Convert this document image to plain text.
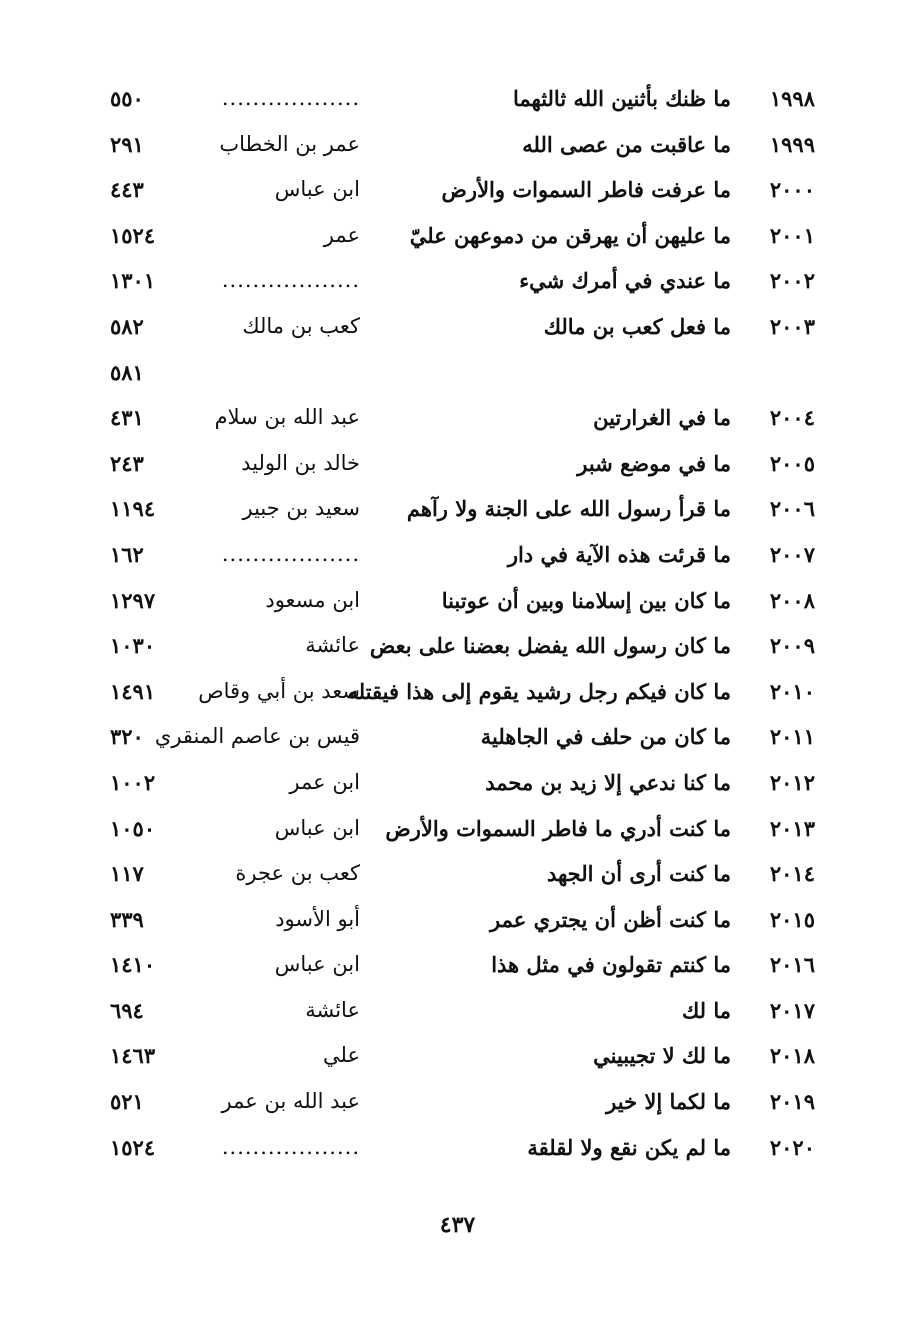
١٩٩٨
ما ظنك بأثنين الله ثالثهما
..................
٥٥٠
١٩٩٩
ما عاقبت من عصى الله
عمر بن الخطاب
٢٩١
٢٠٠٠
ما عرفت فاطر السموات والأرض
ابن عباس
٤٤٣
٢٠٠١
ما عليهن أن يهرقن من دموعهن عليّ
عمر
١٥٢٤
٢٠٠٢
ما عندي في أمرك شيء
..................
١٣٠١
٢٠٠٣
ما فعل كعب بن مالك
كعب بن مالك
٥٨٢
٥٨١
٢٠٠٤
ما في الغرارتين
عبد الله بن سلام
٤٣١
٢٠٠٥
ما في موضع شبر
خالد بن الوليد
٢٤٣
٢٠٠٦
ما قرأ رسول الله على الجنة ولا رآهم
سعيد بن جبير
١١٩٤
٢٠٠٧
ما قرئت هذه الآية في دار
..................
١٦٢
٢٠٠٨
ما كان بين إسلامنا وبين أن عوتبنا
ابن مسعود
١٢٩٧
٢٠٠٩
ما كان رسول الله يفضل بعضنا على بعض
عائشة
١٠٣٠
٢٠١٠
ما كان فيكم رجل رشيد يقوم إلى هذا فيقتله
سعد بن أبي وقاص
١٤٩١
٢٠١١
ما كان من حلف في الجاهلية
قيس بن عاصم المنقري
٣٢٠
٢٠١٢
ما كنا ندعي إلا زيد بن محمد
ابن عمر
١٠٠٢
٢٠١٣
ما كنت أدري ما فاطر السموات والأرض
ابن عباس
١٠٥٠
٢٠١٤
ما كنت أرى أن الجهد
كعب بن عجرة
١١٧
٢٠١٥
ما كنت أظن أن يجتري عمر
أبو الأسود
٣٣٩
٢٠١٦
ما كنتم تقولون في مثل هذا
ابن عباس
١٤١٠
٢٠١٧
ما لك
عائشة
٦٩٤
٢٠١٨
ما لك لا تجيبيني
علي
١٤٦٣
٢٠١٩
ما لكما إلا خير
عبد الله بن عمر
٥٢١
٢٠٢٠
ما لم يكن نقع ولا لقلقة
..................
١٥٢٤
٤٣٧
